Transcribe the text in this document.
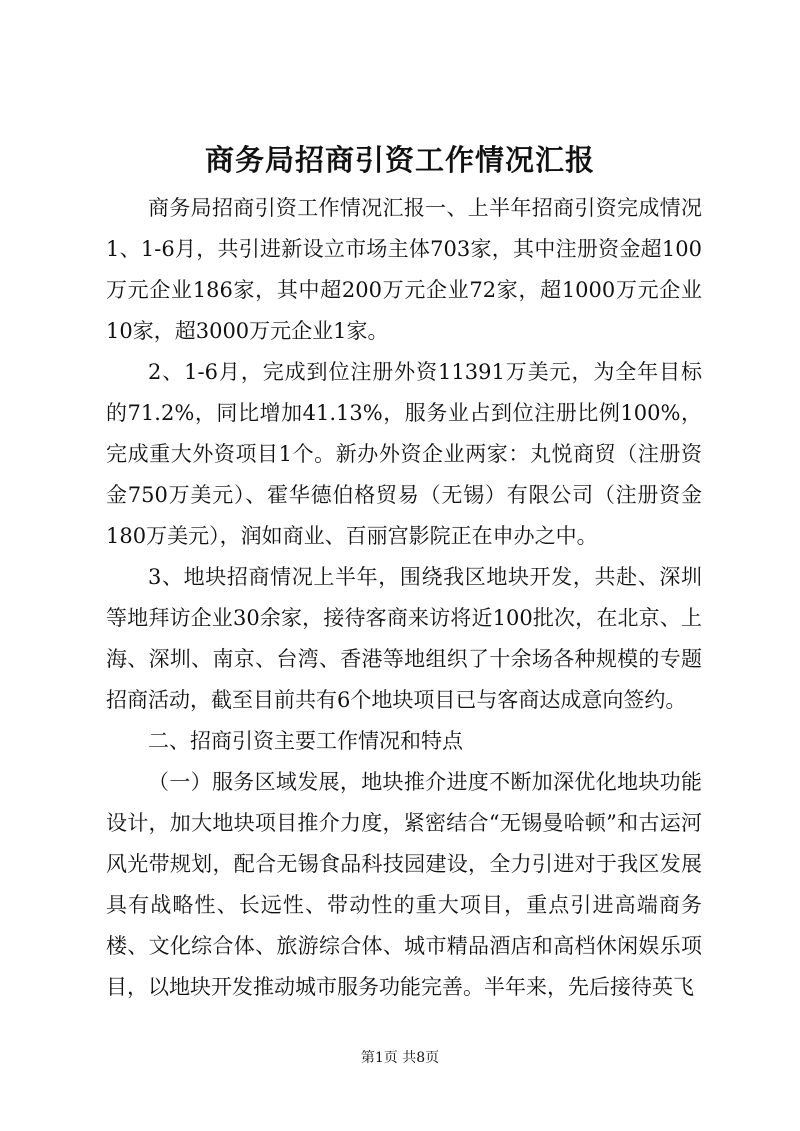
商务局招商引资工作情况汇报

商务局招商引资工作情况汇报一、上半年招商引资完成情况1、1-6月，共引进新设立市场主体703家，其中注册资金超100万元企业186家，其中超200万元企业72家，超1000万元企业10家，超3000万元企业1家。

2、1-6月，完成到位注册外资11391万美元，为全年目标的71.2%，同比增加41.13%，服务业占到位注册比例100%，完成重大外资项目1个。新办外资企业两家：丸悦商贸（注册资金750万美元）、霍华德伯格贸易（无锡）有限公司（注册资金180万美元），润如商业、百丽宫影院正在申办之中。

3、地块招商情况上半年，围绕我区地块开发，共赴、深圳等地拜访企业30余家，接待客商来访将近100批次，在北京、上海、深圳、南京、台湾、香港等地组织了十余场各种规模的专题招商活动，截至目前共有6个地块项目已与客商达成意向签约。

二、招商引资主要工作情况和特点

（一）服务区域发展，地块推介进度不断加深优化地块功能设计，加大地块项目推介力度，紧密结合“无锡曼哈顿”和古运河风光带规划，配合无锡食品科技园建设，全力引进对于我区发展具有战略性、长远性、带动性的重大项目，重点引进高端商务楼、文化综合体、旅游综合体、城市精品酒店和高档休闲娱乐项目，以地块开发推动城市服务功能完善。半年来，先后接待英飞

第1页 共8页
